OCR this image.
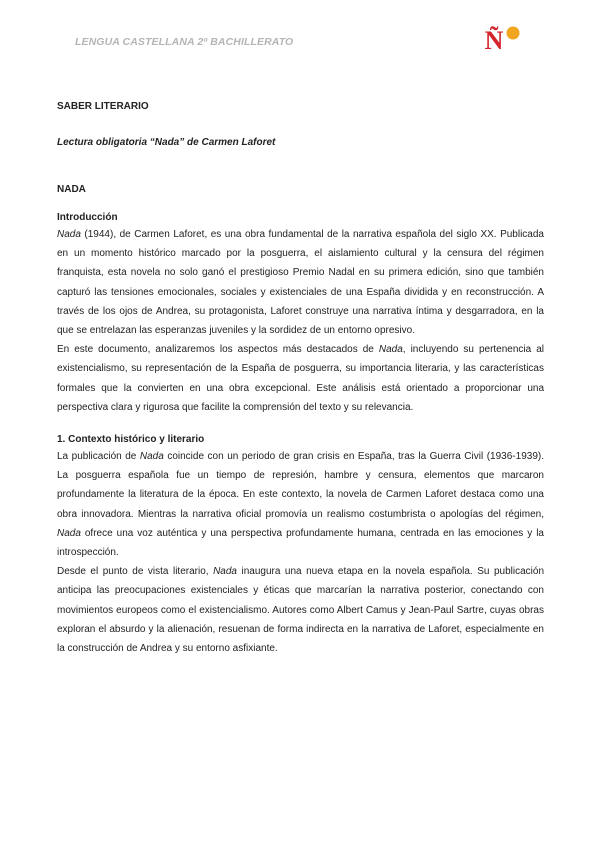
LENGUA CASTELLANA 2º BACHILLERATO	Ñ
SABER LITERARIO
Lectura obligatoria “Nada” de Carmen Laforet
NADA
Introducción

Nada (1944), de Carmen Laforet, es una obra fundamental de la narrativa española del siglo XX. Publicada en un momento histórico marcado por la posguerra, el aislamiento cultural y la censura del régimen franquista, esta novela no solo ganó el prestigioso Premio Nadal en su primera edición, sino que también capturó las tensiones emocionales, sociales y existenciales de una España dividida y en reconstrucción. A través de los ojos de Andrea, su protagonista, Laforet construye una narrativa íntima y desgarradora, en la que se entrelazan las esperanzas juveniles y la sordidez de un entorno opresivo.

En este documento, analizaremos los aspectos más destacados de Nada, incluyendo su pertenencia al existencialismo, su representación de la España de posguerra, su importancia literaria, y las características formales que la convierten en una obra excepcional. Este análisis está orientado a proporcionar una perspectiva clara y rigurosa que facilite la comprensión del texto y su relevancia.

1. Contexto histórico y literario

La publicación de Nada coincide con un periodo de gran crisis en España, tras la Guerra Civil (1936-1939). La posguerra española fue un tiempo de represión, hambre y censura, elementos que marcaron profundamente la literatura de la época. En este contexto, la novela de Carmen Laforet destaca como una obra innovadora. Mientras la narrativa oficial promovía un realismo costumbrista o apologías del régimen, Nada ofrece una voz auténtica y una perspectiva profundamente humana, centrada en las emociones y la introspección.

Desde el punto de vista literario, Nada inaugura una nueva etapa en la novela española. Su publicación anticipa las preocupaciones existenciales y éticas que marcarían la narrativa posterior, conectando con movimientos europeos como el existencialismo. Autores como Albert Camus y Jean-Paul Sartre, cuyas obras exploran el absurdo y la alienación, resuenan de forma indirecta en la narrativa de Laforet, especialmente en la construcción de Andrea y su entorno asfixiante.
